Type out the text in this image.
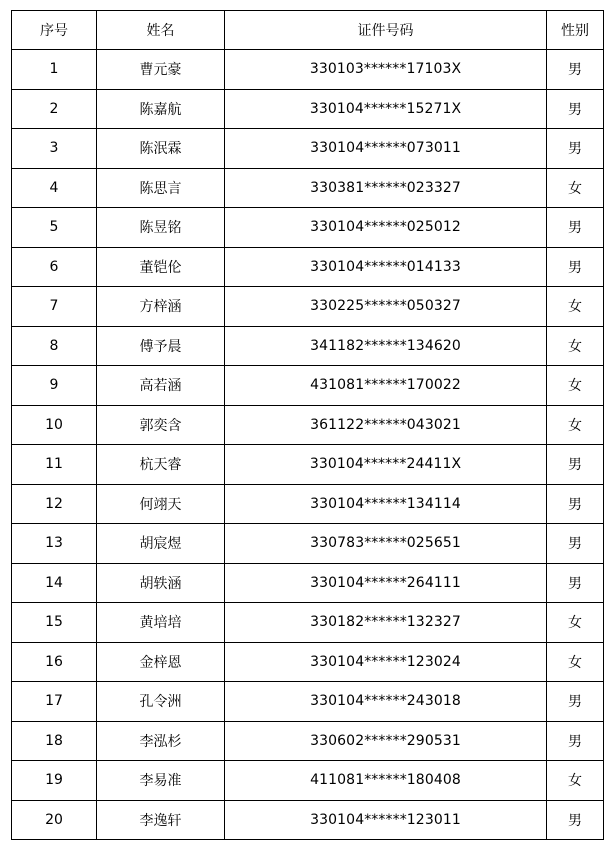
序号	姓名	证件号码	性别
1	曹元豪	330103******17103X	男
2	陈嘉航	330104******15271X	男
3	陈泯霖	330104******073011	男
4	陈思言	330381******023327	女
5	陈昱铭	330104******025012	男
6	董铠伦	330104******014133	男
7	方梓涵	330225******050327	女
8	傅予晨	341182******134620	女
9	高若涵	431081******170022	女
10	郭奕含	361122******043021	女
11	杭天睿	330104******24411X	男
12	何翊天	330104******134114	男
13	胡宸煜	330783******025651	男
14	胡轶涵	330104******264111	男
15	黄培培	330182******132327	女
16	金梓恩	330104******123024	女
17	孔令洲	330104******243018	男
18	李泓杉	330602******290531	男
19	李易准	411081******180408	女
20	李逸轩	330104******123011	男
